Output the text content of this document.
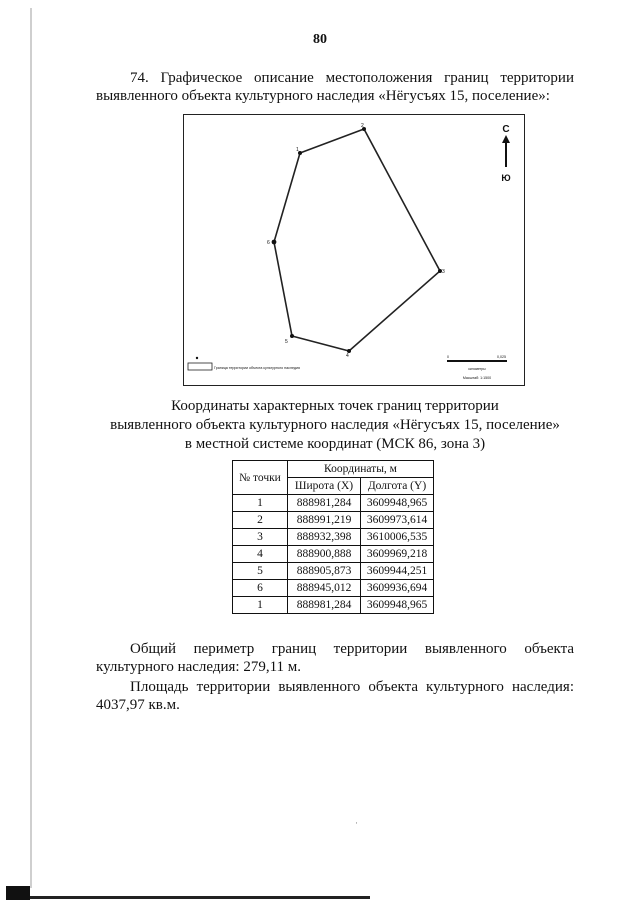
80
74. Графическое описание местоположения границ территории
выявленного объекта культурного наследия «Нёгусъях 15, поселение»:
1
2
3
4
5
6
С
Ю
Граница территории объекта культурного наследия
0	0,025
километры
Масштаб: 1:1500
Координаты характерных точек границ территории
выявленного объекта культурного наследия «Нёгусъях 15, поселение»
в местной системе координат (МСК 86, зона 3)
№ точки	Координаты, м	
	Широта (X)	Долгота (Y)
1	888981,284	3609948,965
2	888991,219	3609973,614
3	888932,398	3610006,535
4	888900,888	3609969,218
5	888905,873	3609944,251
6	888945,012	3609936,694
1	888981,284	3609948,965
Общий периметр границ территории выявленного объекта
культурного наследия: 279,11 м.
Площадь территории выявленного объекта культурного наследия:
4037,97 кв.м.
·
